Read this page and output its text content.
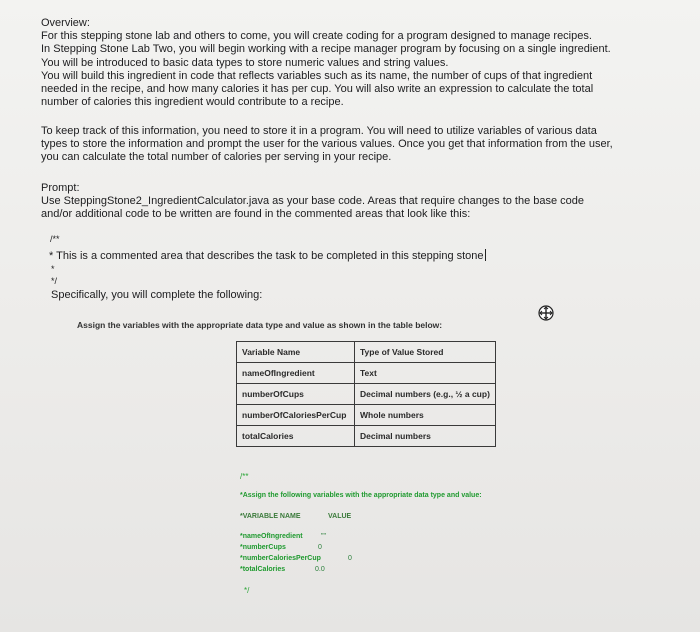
Overview:
For this stepping stone lab and others to come, you will create coding for a program designed to manage recipes.
In Stepping Stone Lab Two, you will begin working with a recipe manager program by focusing on a single ingredient.
You will be introduced to basic data types to store numeric values and string values.
You will build this ingredient in code that reflects variables such as its name, the number of cups of that ingredient
needed in the recipe, and how many calories it has per cup. You will also write an expression to calculate the total
number of calories this ingredient would contribute to a recipe.
To keep track of this information, you need to store it in a program. You will need to utilize variables of various data
types to store the information and prompt the user for the various values. Once you get that information from the user,
you can calculate the total number of calories per serving in your recipe.
Prompt:
Use SteppingStone2_IngredientCalculator.java as your base code. Areas that require changes to the base code
and/or additional code to be written are found in the commented areas that look like this:
/**
* This is a commented area that describes the task to be completed in this stepping stone
*
*/
Specifically, you will complete the following:
Assign the variables with the appropriate data type and value as shown in the table below:
Variable Name	Type of Value Stored
nameOfIngredient	Text
numberOfCups	Decimal numbers (e.g., ½ a cup)
numberOfCaloriesPerCup	Whole numbers
totalCalories	Decimal numbers
/**
*Assign the following variables with the appropriate data type and value:
*VARIABLE NAME	VALUE
*nameOfIngredient	""
*numberCups	0
*numberCaloriesPerCup	0
*totalCalories	0.0
*/
